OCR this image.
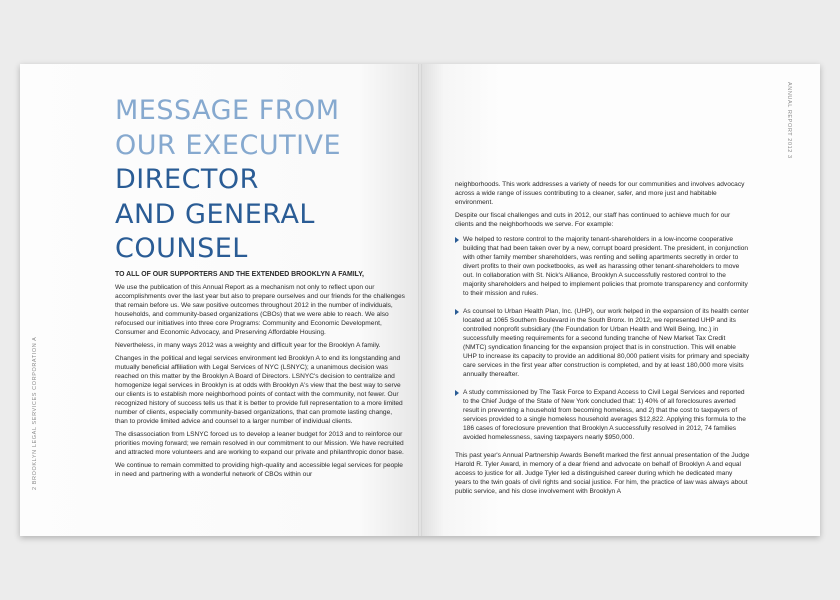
2 BROOKLYN LEGAL SERVICES CORPORATION A
MESSAGE FROM
OUR EXECUTIVE
DIRECTOR
AND GENERAL
COUNSEL

TO ALL OF OUR SUPPORTERS AND THE EXTENDED BROOKLYN A FAMILY,

We use the publication of this Annual Report as a mechanism not only to reflect upon our accomplishments over the last year but also to prepare ourselves and our friends for the challenges that remain before us. We saw positive outcomes throughout 2012 in the number of individuals, households, and community-based organizations (CBOs) that we were able to reach. We also refocused our initiatives into three core Programs: Community and Economic Development, Consumer and Economic Advocacy, and Preserving Affordable Housing.

Nevertheless, in many ways 2012 was a weighty and difficult year for the Brooklyn A family.

Changes in the political and legal services environment led Brooklyn A to end its longstanding and mutually beneficial affiliation with Legal Services of NYC (LSNYC); a unanimous decision was reached on this matter by the Brooklyn A Board of Directors. LSNYC's decision to centralize and homogenize legal services in Brooklyn is at odds with Brooklyn A's view that the best way to serve our clients is to establish more neighborhood points of contact with the community, not fewer. Our recognized history of success tells us that it is better to provide full representation to a more limited number of clients, especially community-based organizations, that can promote lasting change, than to provide limited advice and counsel to a larger number of individual clients.

The disassociation from LSNYC forced us to develop a leaner budget for 2013 and to reinforce our priorities moving forward; we remain resolved in our commitment to our Mission. We have recruited and attracted more volunteers and are working to expand our private and philanthropic donor base.

We continue to remain committed to providing high-quality and accessible legal services for people in need and partnering with a wonderful network of CBOs within our

ANNUAL REPORT 2012 3

neighborhoods. This work addresses a variety of needs for our communities and involves advocacy across a wide range of issues contributing to a cleaner, safer, and more just and habitable environment.

Despite our fiscal challenges and cuts in 2012, our staff has continued to achieve much for our clients and the neighborhoods we serve. For example:

We helped to restore control to the majority tenant-shareholders in a low-income cooperative building that had been taken over by a new, corrupt board president. The president, in conjunction with other family member shareholders, was renting and selling apartments secretly in order to divert profits to their own pocketbooks, as well as harassing other tenant-shareholders to move out. In collaboration with St. Nick's Alliance, Brooklyn A successfully restored control to the majority shareholders and helped to implement policies that promote transparency and conformity to their mission and rules.
As counsel to Urban Health Plan, Inc. (UHP), our work helped in the expansion of its health center located at 1065 Southern Boulevard in the South Bronx. In 2012, we represented UHP and its controlled nonprofit subsidiary (the Foundation for Urban Health and Well Being, Inc.) in successfully meeting requirements for a second funding tranche of New Market Tax Credit (NMTC) syndication financing for the expansion project that is in construction. This will enable UHP to increase its capacity to provide an additional 80,000 patient visits for primary and specialty care services in the first year after construction is completed, and by at least 180,000 more visits annually thereafter.
A study commissioned by The Task Force to Expand Access to Civil Legal Services and reported to the Chief Judge of the State of New York concluded that: 1) 40% of all foreclosures averted result in preventing a household from becoming homeless, and 2) that the cost to taxpayers of services provided to a single homeless household averages $12,822. Applying this formula to the 186 cases of foreclosure prevention that Brooklyn A successfully resolved in 2012, 74 families avoided homelessness, saving taxpayers nearly $950,000.

This past year's Annual Partnership Awards Benefit marked the first annual presentation of the Judge Harold R. Tyler Award, in memory of a dear friend and advocate on behalf of Brooklyn A and equal access to justice for all. Judge Tyler led a distinguished career during which he dedicated many years to the twin goals of civil rights and social justice. For him, the practice of law was always about public service, and his close involvement with Brooklyn A
